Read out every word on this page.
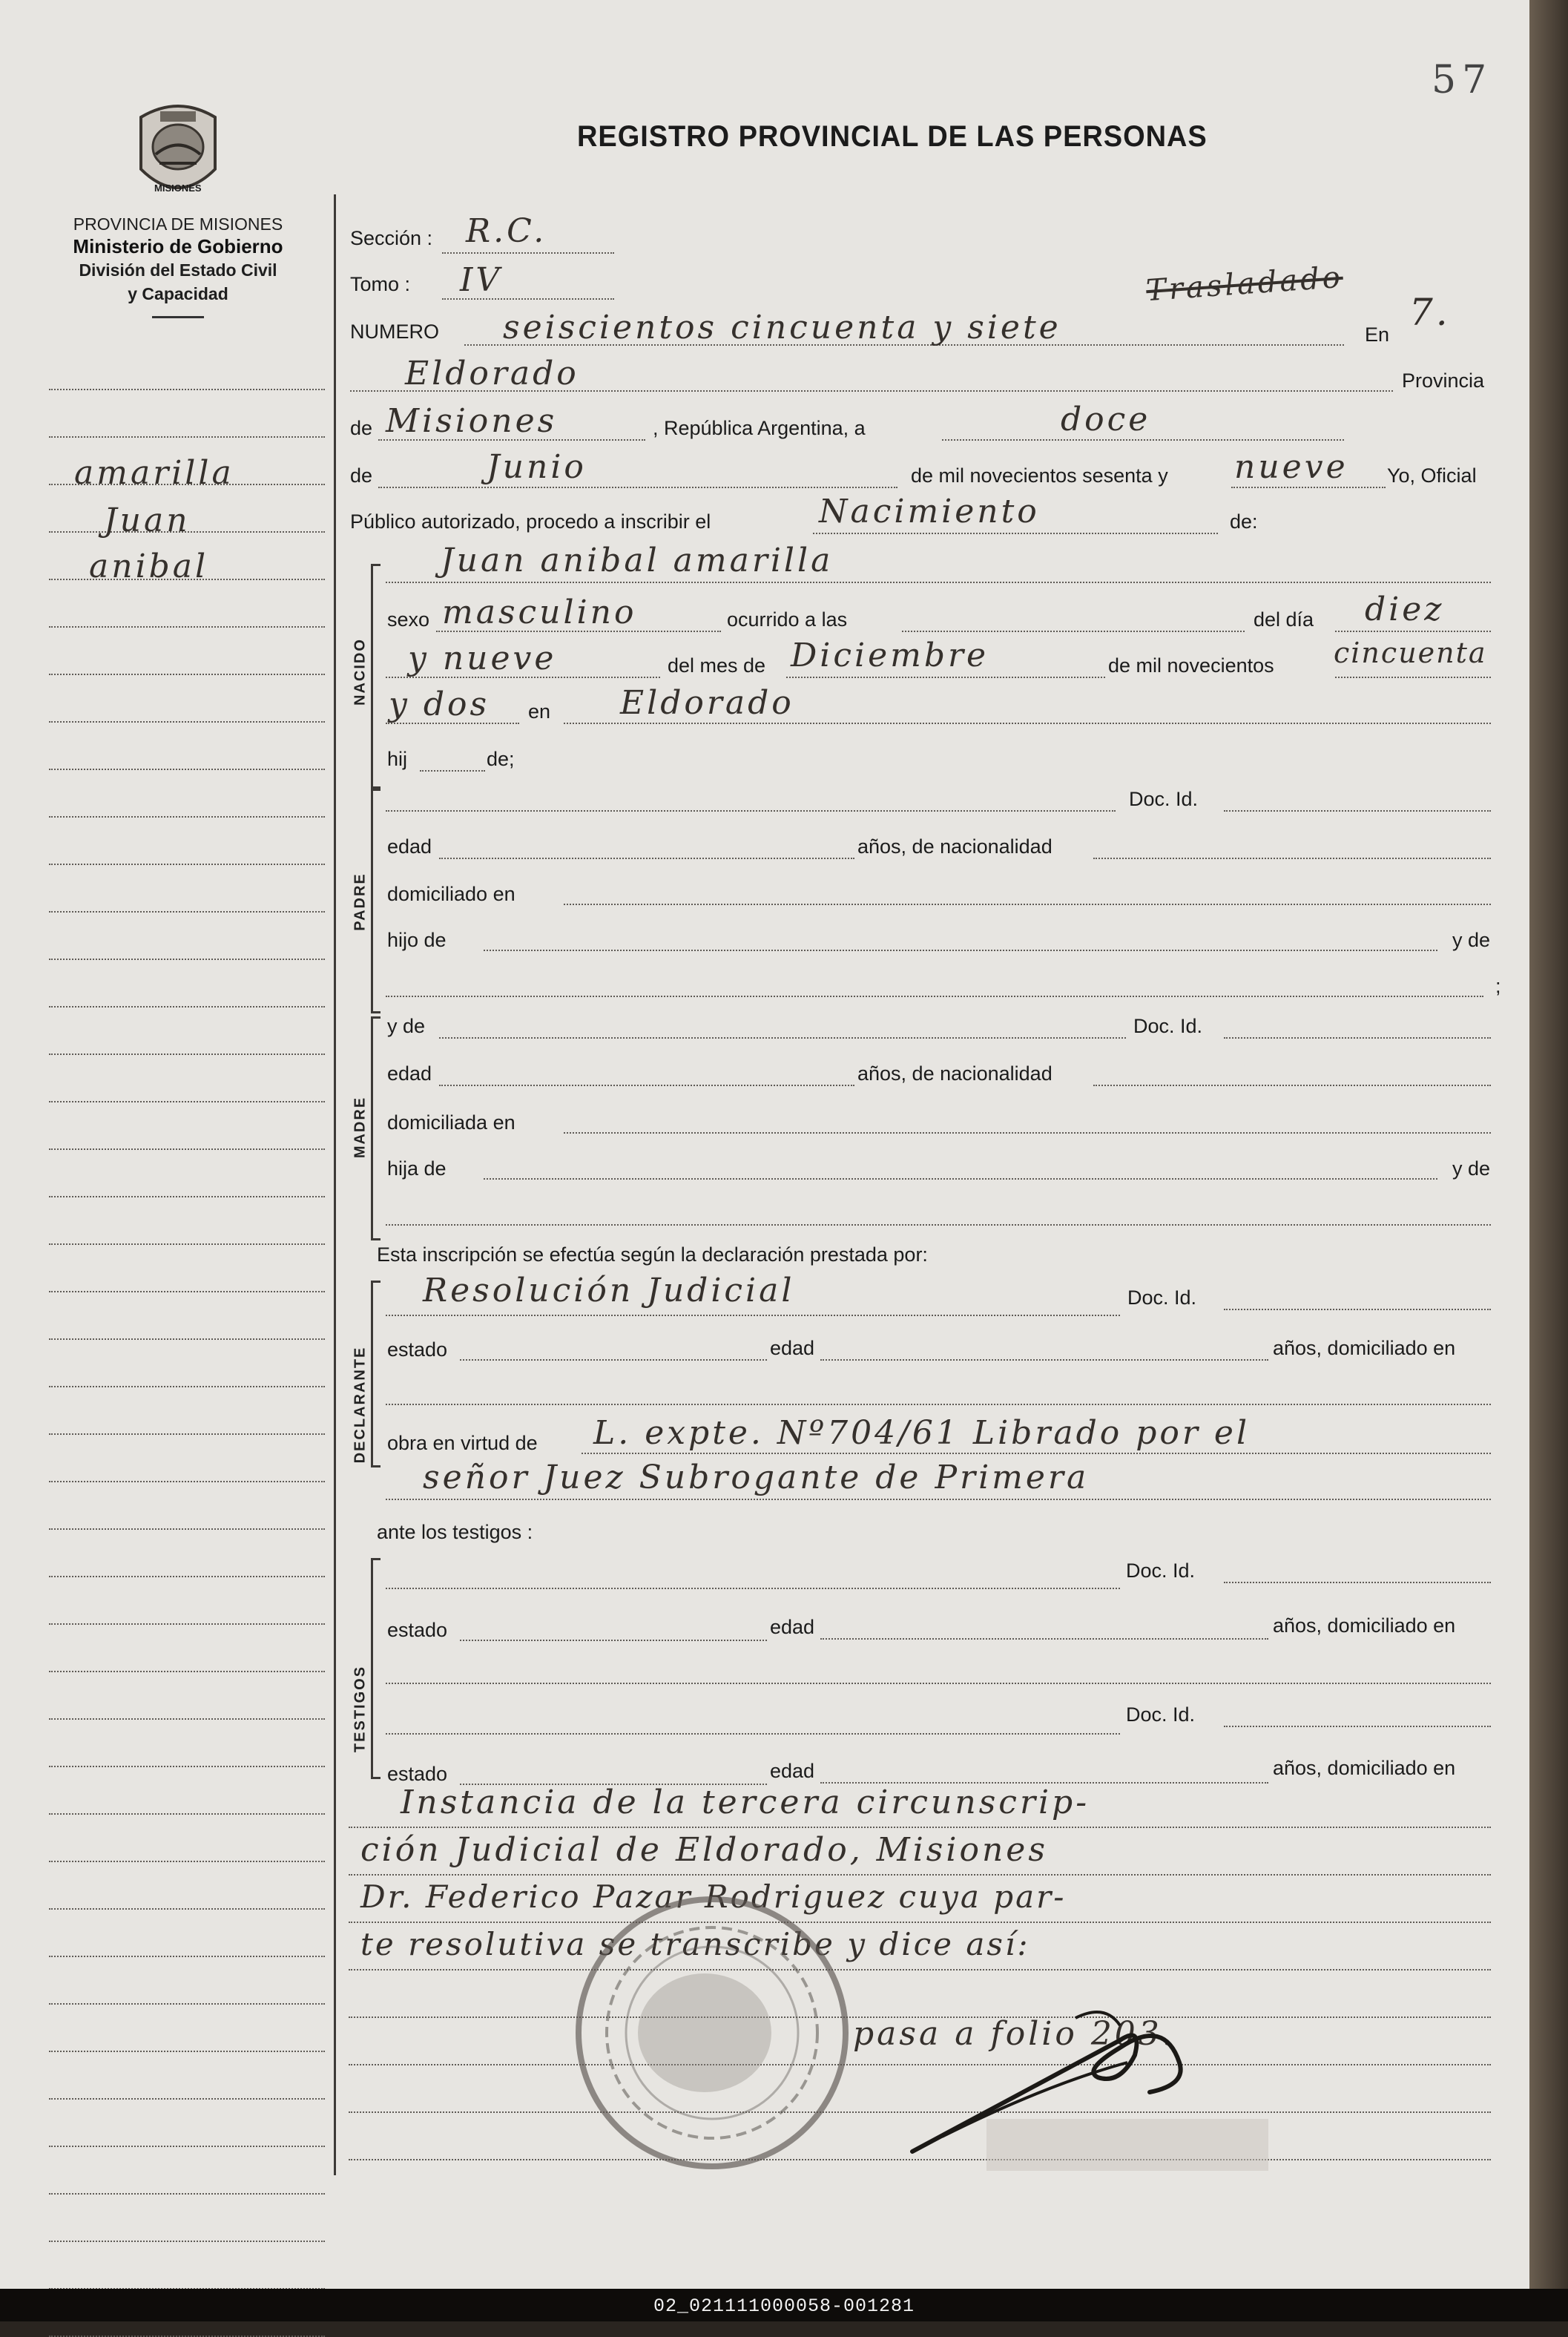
57
MISIONES
PROVINCIA DE MISIONES
Ministerio de Gobierno
División del Estado Civil
y Capacidad
REGISTRO PROVINCIAL DE LAS PERSONAS
amarilla
Juan
anibal
Trasladado
Sección : R.C.
Tomo : IV
NUMERO seiscientos cincuenta y siete	En
7.
Eldorado	Provincia
de Misiones	, República Argentina, a	doce
de	Junio	de mil novecientos sesenta y nueve Yo, Oficial
Público autorizado, procedo a inscribir el	Nacimiento	de:
NACIDO
Juan anibal amarilla
sexo masculino	ocurrido a las	del día diez
y nueve	del mes de Diciembre	de mil novecientos cincuenta
y dos en Eldorado
hij	de;
PADRE
Doc. Id.
edad	años, de nacionalidad
domiciliado en
hijo de	y de
;
MADRE
y de	Doc. Id.
edad	años, de nacionalidad
domiciliada en
hija de	y de
Esta inscripción se efectúa según la declaración prestada por:
DECLARANTE
Resolución Judicial	Doc. Id.
estado	edad	años, domiciliado en
obra en virtud de L. expte. Nº704/61 Librado por el
señor Juez Subrogante de Primera
ante los testigos :
TESTIGOS
Doc. Id.
estado	edad	años, domiciliado en
Doc. Id.
estado	edad	años, domiciliado en
Instancia de la tercera circunscrip-
ción Judicial de Eldorado, Misiones
Dr. Federico Pazar Rodriguez cuya par-
te resolutiva se transcribe y dice así:
pasa a folio 203.
02_021111000058-001281
